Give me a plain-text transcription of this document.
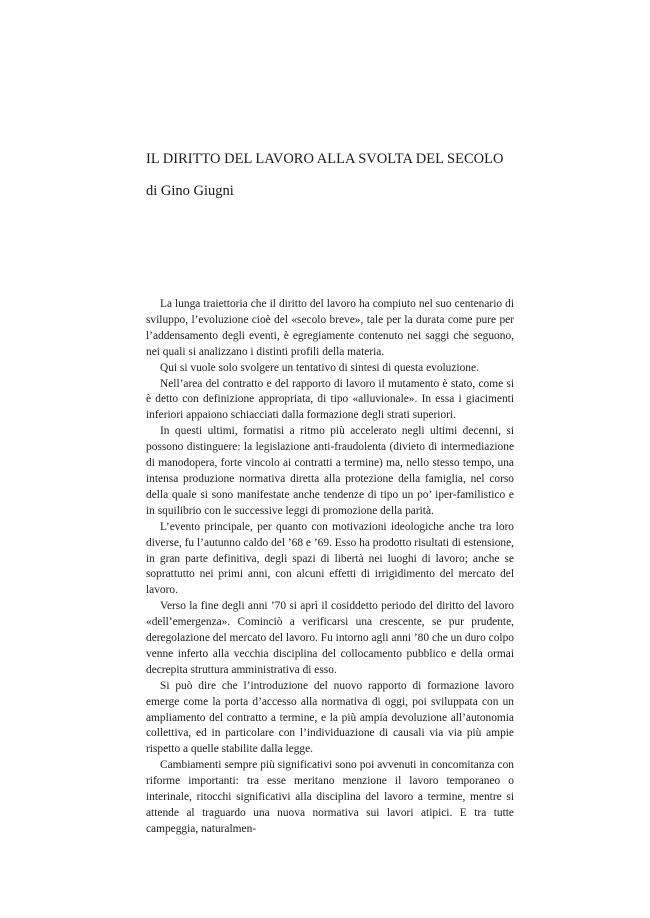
IL DIRITTO DEL LAVORO ALLA SVOLTA DEL SECOLO

di Gino Giugni

La lunga traiettoria che il diritto del lavoro ha compiuto nel suo centenario di sviluppo, l’evoluzione cioè del «secolo breve», tale per la durata come pure per l’addensamento degli eventi, è egregiamente contenuto nei saggi che seguono, nei quali si analizzano i distinti profili della materia.

Qui si vuole solo svolgere un tentativo di sintesi di questa evoluzione.

Nell’area del contratto e del rapporto di lavoro il mutamento è stato, come si è detto con definizione appropriata, di tipo «alluvionale». In essa i giacimenti inferiori appaiono schiacciati dalla formazione degli strati superiori.

In questi ultimi, formatisi a ritmo più accelerato negli ultimi decenni, si possono distinguere: la legislazione anti-fraudolenta (divieto di intermediazione di manodopera, forte vincolo ai contratti a termine) ma, nello stesso tempo, una intensa produzione normativa diretta alla protezione della famiglia, nel corso della quale si sono manifestate anche tendenze di tipo un po’ iper-familistico e in squilibrio con le successive leggi di promozione della parità.

L’evento principale, per quanto con motivazioni ideologiche anche tra loro diverse, fu l’autunno caldo del ’68 e ’69. Esso ha prodotto risultati di estensione, in gran parte definitiva, degli spazi di libertà nei luoghi di lavoro; anche se soprattutto nei primi anni, con alcuni effetti di irrigidimento del mercato del lavoro.

Verso la fine degli anni ’70 si aprì il cosiddetto periodo del diritto del lavoro «dell’emergenza». Cominciò a verificarsi una crescente, se pur prudente, deregolazione del mercato del lavoro. Fu intorno agli anni ’80 che un duro colpo venne inferto alla vecchia disciplina del collocamento pubblico e della ormai decrepita struttura amministrativa di esso.

Si può dire che l’introduzione del nuovo rapporto di formazione lavoro emerge come la porta d’accesso alla normativa di oggi, poi sviluppata con un ampliamento del contratto a termine, e la più ampia devoluzione all’autonomia collettiva, ed in particolare con l’individuazione di causali via via più ampie rispetto a quelle stabilite dalla legge.

Cambiamenti sempre più significativi sono poi avvenuti in concomitanza con riforme importanti: tra esse meritano menzione il lavoro temporaneo o interinale, ritocchi significativi alla disciplina del lavoro a termine, mentre si attende al traguardo una nuova normativa sui lavori atipici. E tra tutte campeggia, naturalmen-
